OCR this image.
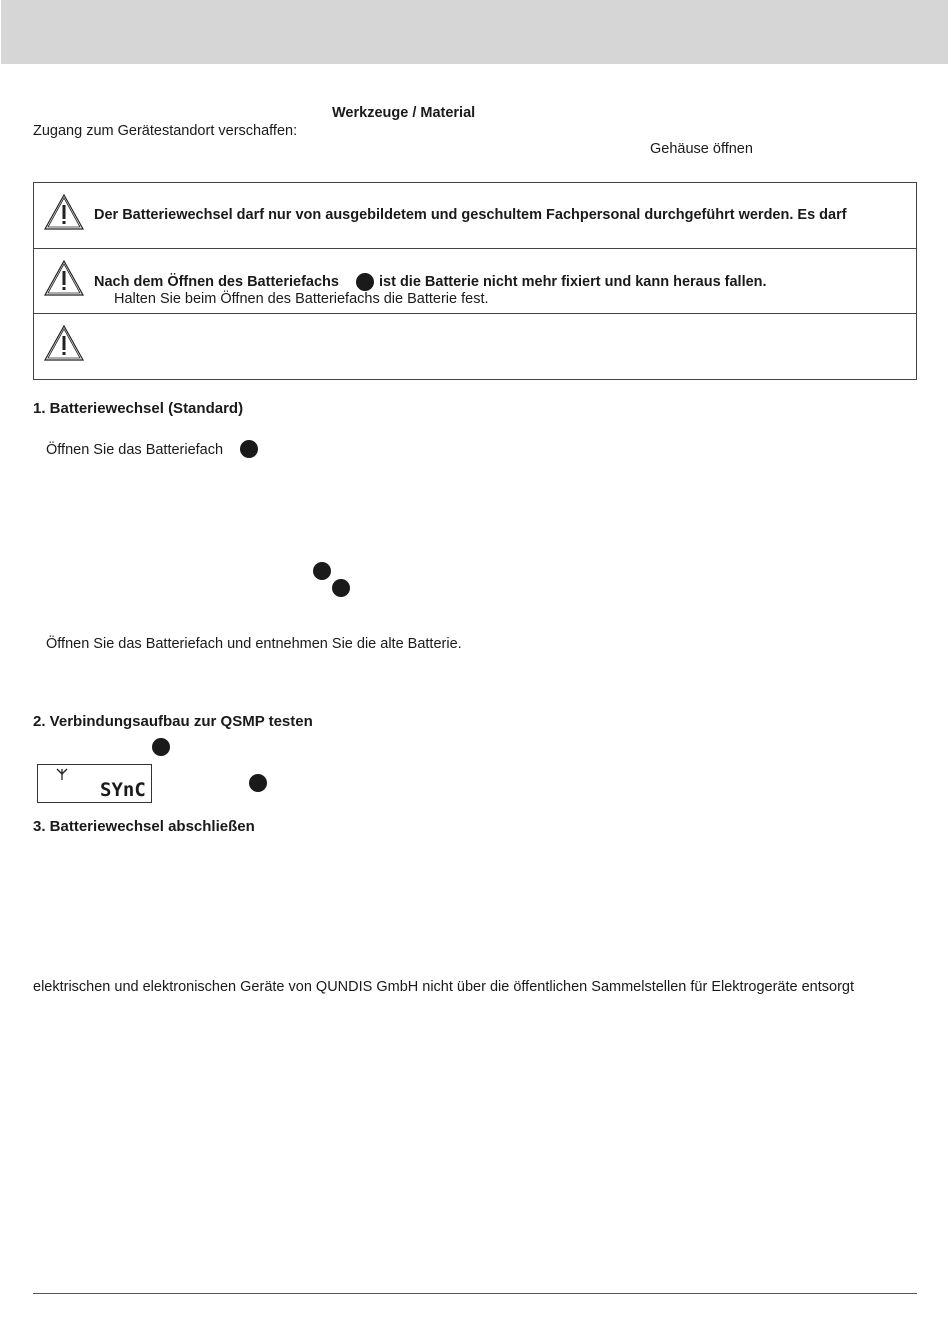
Werkzeuge / Material
Zugang zum Gerätestandort verschaffen:
Gehäuse öffnen
Der Batteriewechsel darf nur von ausgebildetem und geschultem Fachpersonal durchgeführt werden. Es darf
Nach dem Öffnen des Batteriefachs	ist die Batterie nicht mehr fixiert und kann heraus fallen.
Halten Sie beim Öffnen des Batteriefachs die Batterie fest.
1. Batteriewechsel (Standard)
Öffnen Sie das Batteriefach
Öffnen Sie das Batteriefach und entnehmen Sie die alte Batterie.
2. Verbindungsaufbau zur QSMP testen
SYnC
3. Batteriewechsel abschließen
elektrischen und elektronischen Geräte von QUNDIS GmbH nicht über die öffentlichen Sammelstellen für Elektrogeräte entsorgt
